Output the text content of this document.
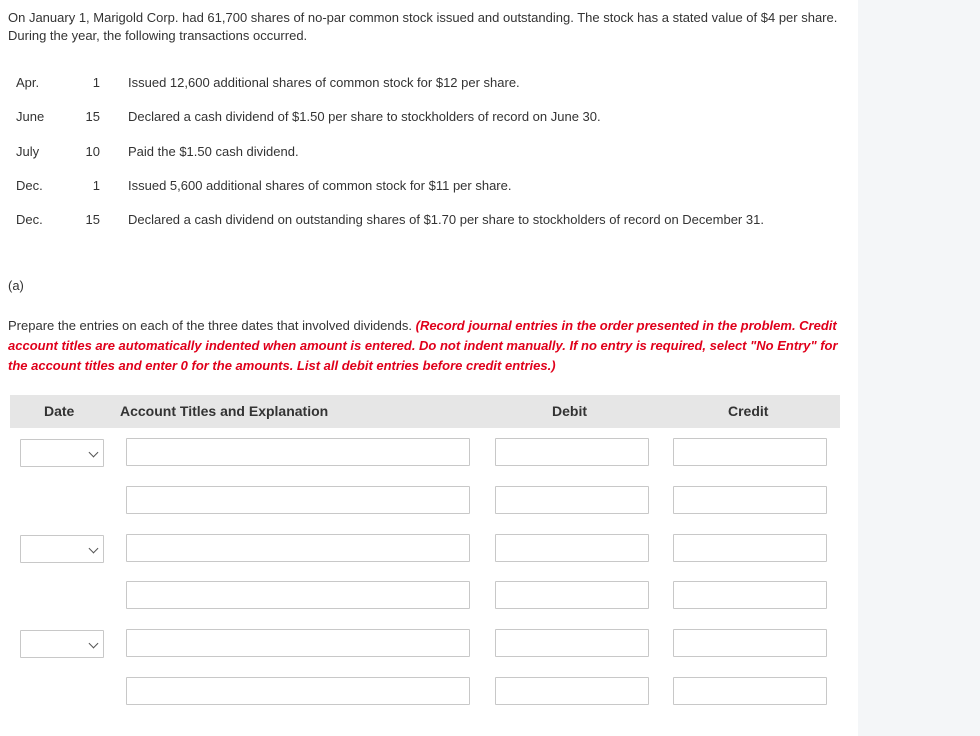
On January 1, Marigold Corp. had 61,700 shares of no-par common stock issued and outstanding. The stock has a stated value of $4 per share. During the year, the following transactions occurred.

Apr.	1 Issued 12,600 additional shares of common stock for $12 per share.
June	15 Declared a cash dividend of $1.50 per share to stockholders of record on June 30.
July	10 Paid the $1.50 cash dividend.
Dec.	1 Issued 5,600 additional shares of common stock for $11 per share.
Dec.	15 Declared a cash dividend on outstanding shares of $1.70 per share to stockholders of record on December 31.
(a)

Prepare the entries on each of the three dates that involved dividends. (Record journal entries in the order presented in the problem. Credit account titles are automatically indented when amount is entered. Do not indent manually. If no entry is required, select "No Entry" for the account titles and enter 0 for the amounts. List all debit entries before credit entries.)

Date	Account Titles and Explanation	Debit	Credit
